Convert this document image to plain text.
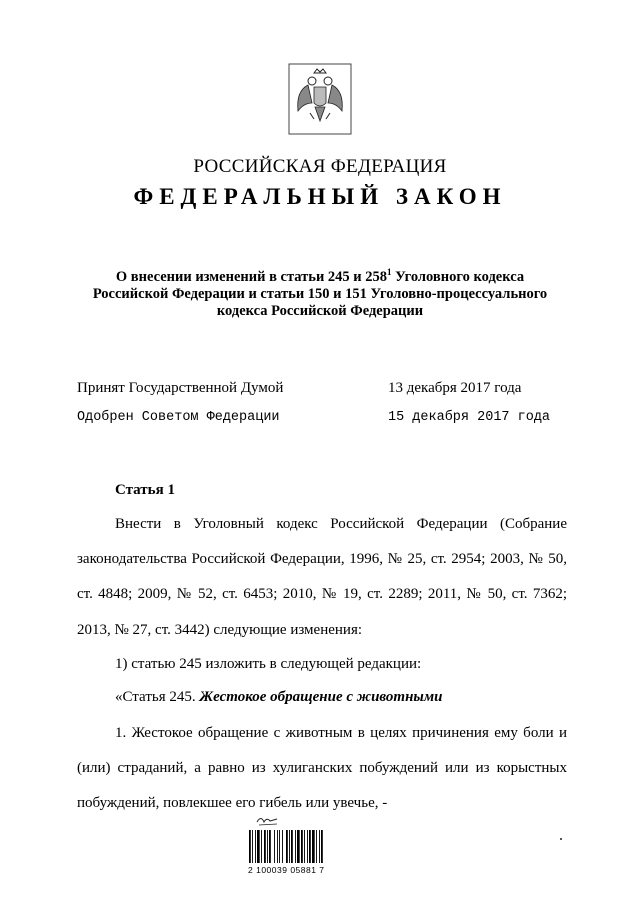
РОССИЙСКАЯ ФЕДЕРАЦИЯ
ФЕДЕРАЛЬНЫЙ ЗАКОН
О внесении изменений в статьи 245 и $258^1$ Уголовного кодекса
Российской Федерации и статьи 150 и 151 Уголовно-процессуального
кодекса Российской Федерации
Принят Государственной Думой	13 декабря 2017 года
Одобрен Советом Федерации	15 декабря 2017 года
Статья 1
Внести в Уголовный кодекс Российской Федерации (Собрание законодательства Российской Федерации, 1996, № 25, ст. 2954; 2003, № 50, ст. 4848; 2009, № 52, ст. 6453; 2010, № 19, ст. 2289; 2011, № 50, ст. 7362; 2013, № 27, ст. 3442) следующие изменения:
1) статью 245 изложить в следующей редакции:
«Статья 245. Жестокое обращение с животными
1. Жестокое обращение с животным в целях причинения ему боли и (или) страданий, а равно из хулиганских побуждений или из корыстных побуждений, повлекшее его гибель или увечье, -
2 100039 05881 7
